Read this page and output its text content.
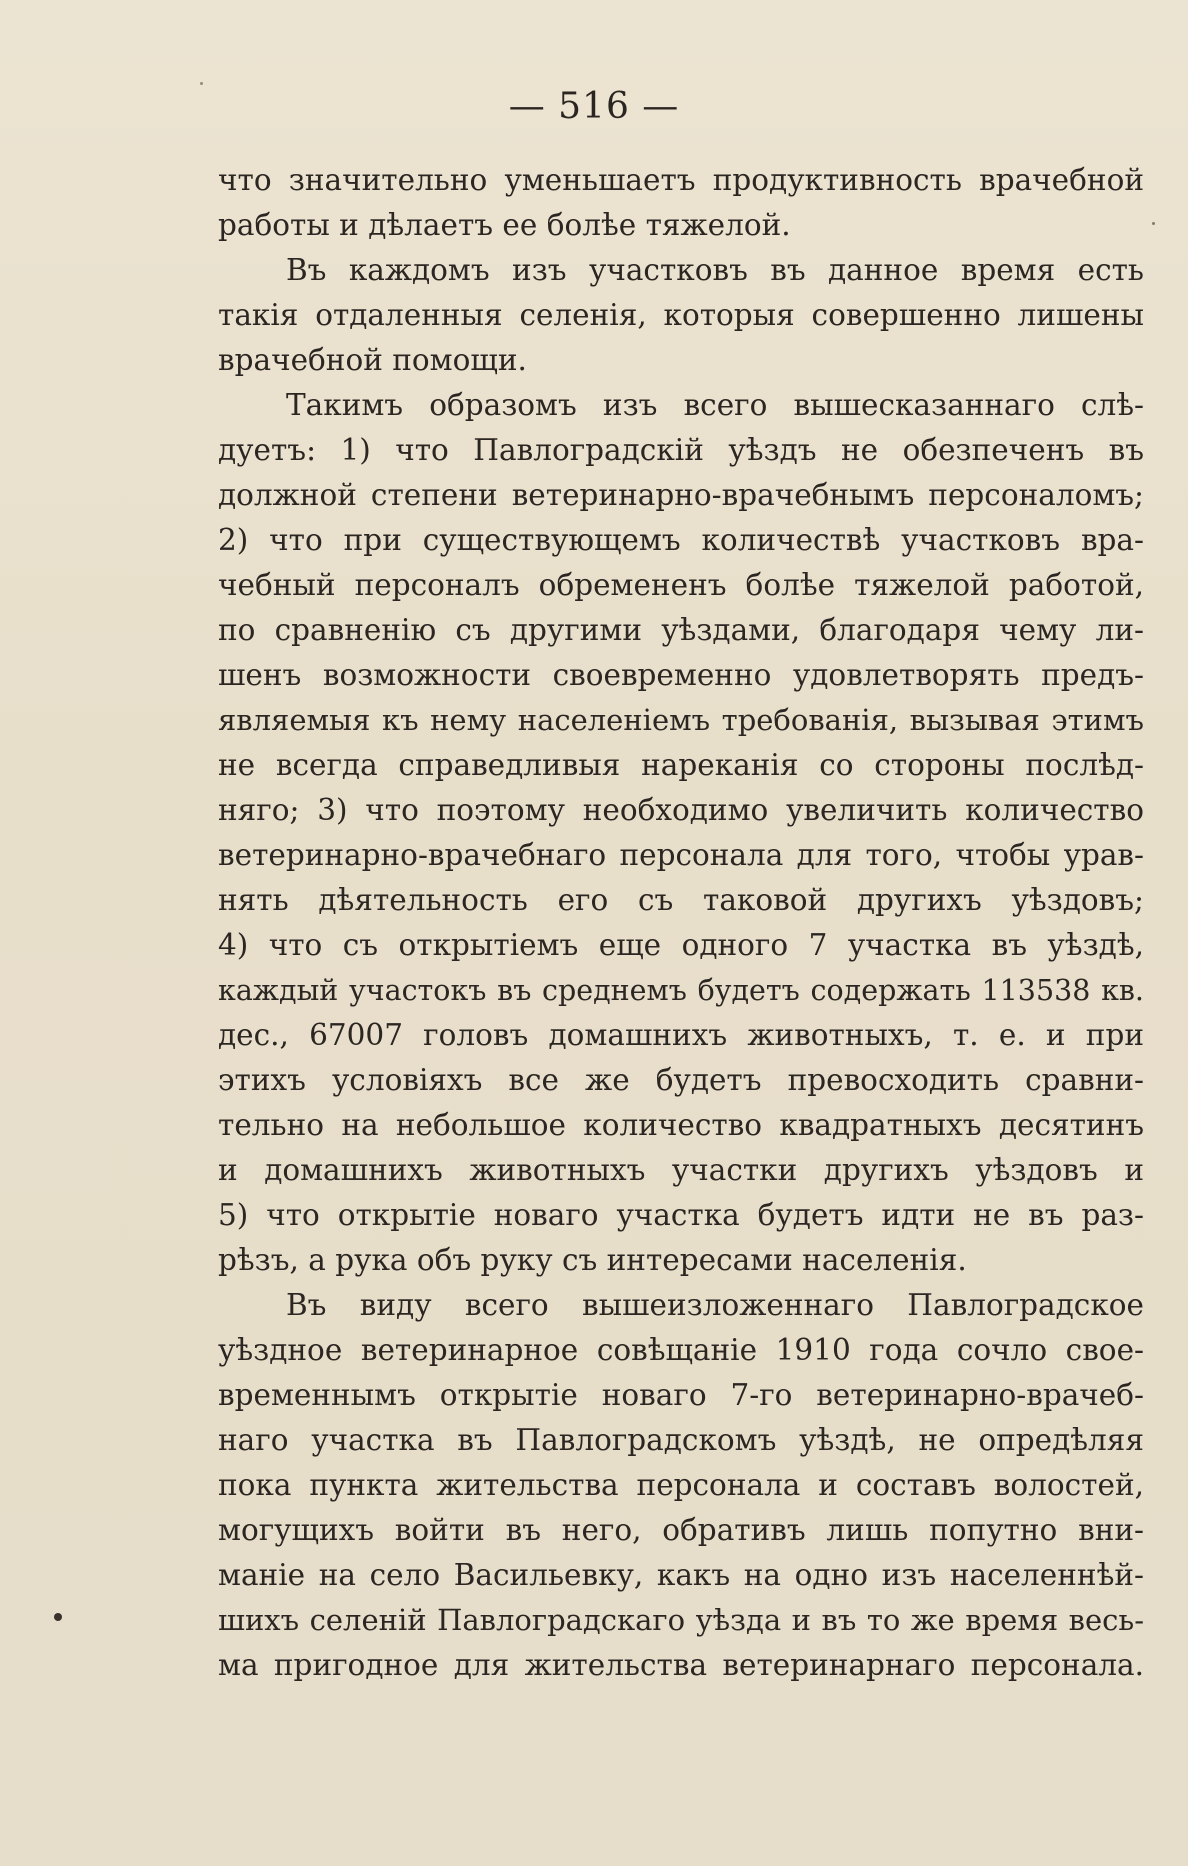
— 516 —
что значительно уменьшаетъ продуктивность врачебной
работы и дѣлаетъ ее болѣе тяжелой.
Въ каждомъ изъ участковъ въ данное время есть
такія отдаленныя селенія, которыя совершенно лишены
врачебной помощи.
Такимъ образомъ изъ всего вышесказаннаго слѣ-
дуетъ: 1) что Павлоградскій уѣздъ не обезпеченъ въ
должной степени ветеринарно-врачебнымъ персоналомъ;
2) что при существующемъ количествѣ участковъ вра-
чебный персоналъ обремененъ болѣе тяжелой работой,
по сравненію съ другими уѣздами, благодаря чему ли-
шенъ возможности своевременно удовлетворять предъ-
являемыя къ нему населеніемъ требованія, вызывая этимъ
не всегда справедливыя нареканія со стороны послѣд-
няго; 3) что поэтому необходимо увеличить количество
ветеринарно-врачебнаго персонала для того, чтобы урав-
нять дѣятельность его съ таковой другихъ уѣздовъ;
4) что съ открытіемъ еще одного 7 участка въ уѣздѣ,
каждый участокъ въ среднемъ будетъ содержать 113538 кв.
дес., 67007 головъ домашнихъ животныхъ, т. е. и при
этихъ условіяхъ все же будетъ превосходить сравни-
тельно на небольшое количество квадратныхъ десятинъ
и домашнихъ животныхъ участки другихъ уѣздовъ и
5) что открытіе новаго участка будетъ идти не въ раз-
рѣзъ, а рука объ руку съ интересами населенія.
Въ виду всего вышеизложеннаго Павлоградское
уѣздное ветеринарное совѣщаніе 1910 года сочло свое-
временнымъ открытіе новаго 7-го ветеринарно-врачеб-
наго участка въ Павлоградскомъ уѣздѣ, не опредѣляя
пока пункта жительства персонала и составъ волостей,
могущихъ войти въ него, обративъ лишь попутно вни-
маніе на село Васильевку, какъ на одно изъ населеннѣй-
шихъ селеній Павлоградскаго уѣзда и въ то же время весь-
ма пригодное для жительства ветеринарнаго персонала.
